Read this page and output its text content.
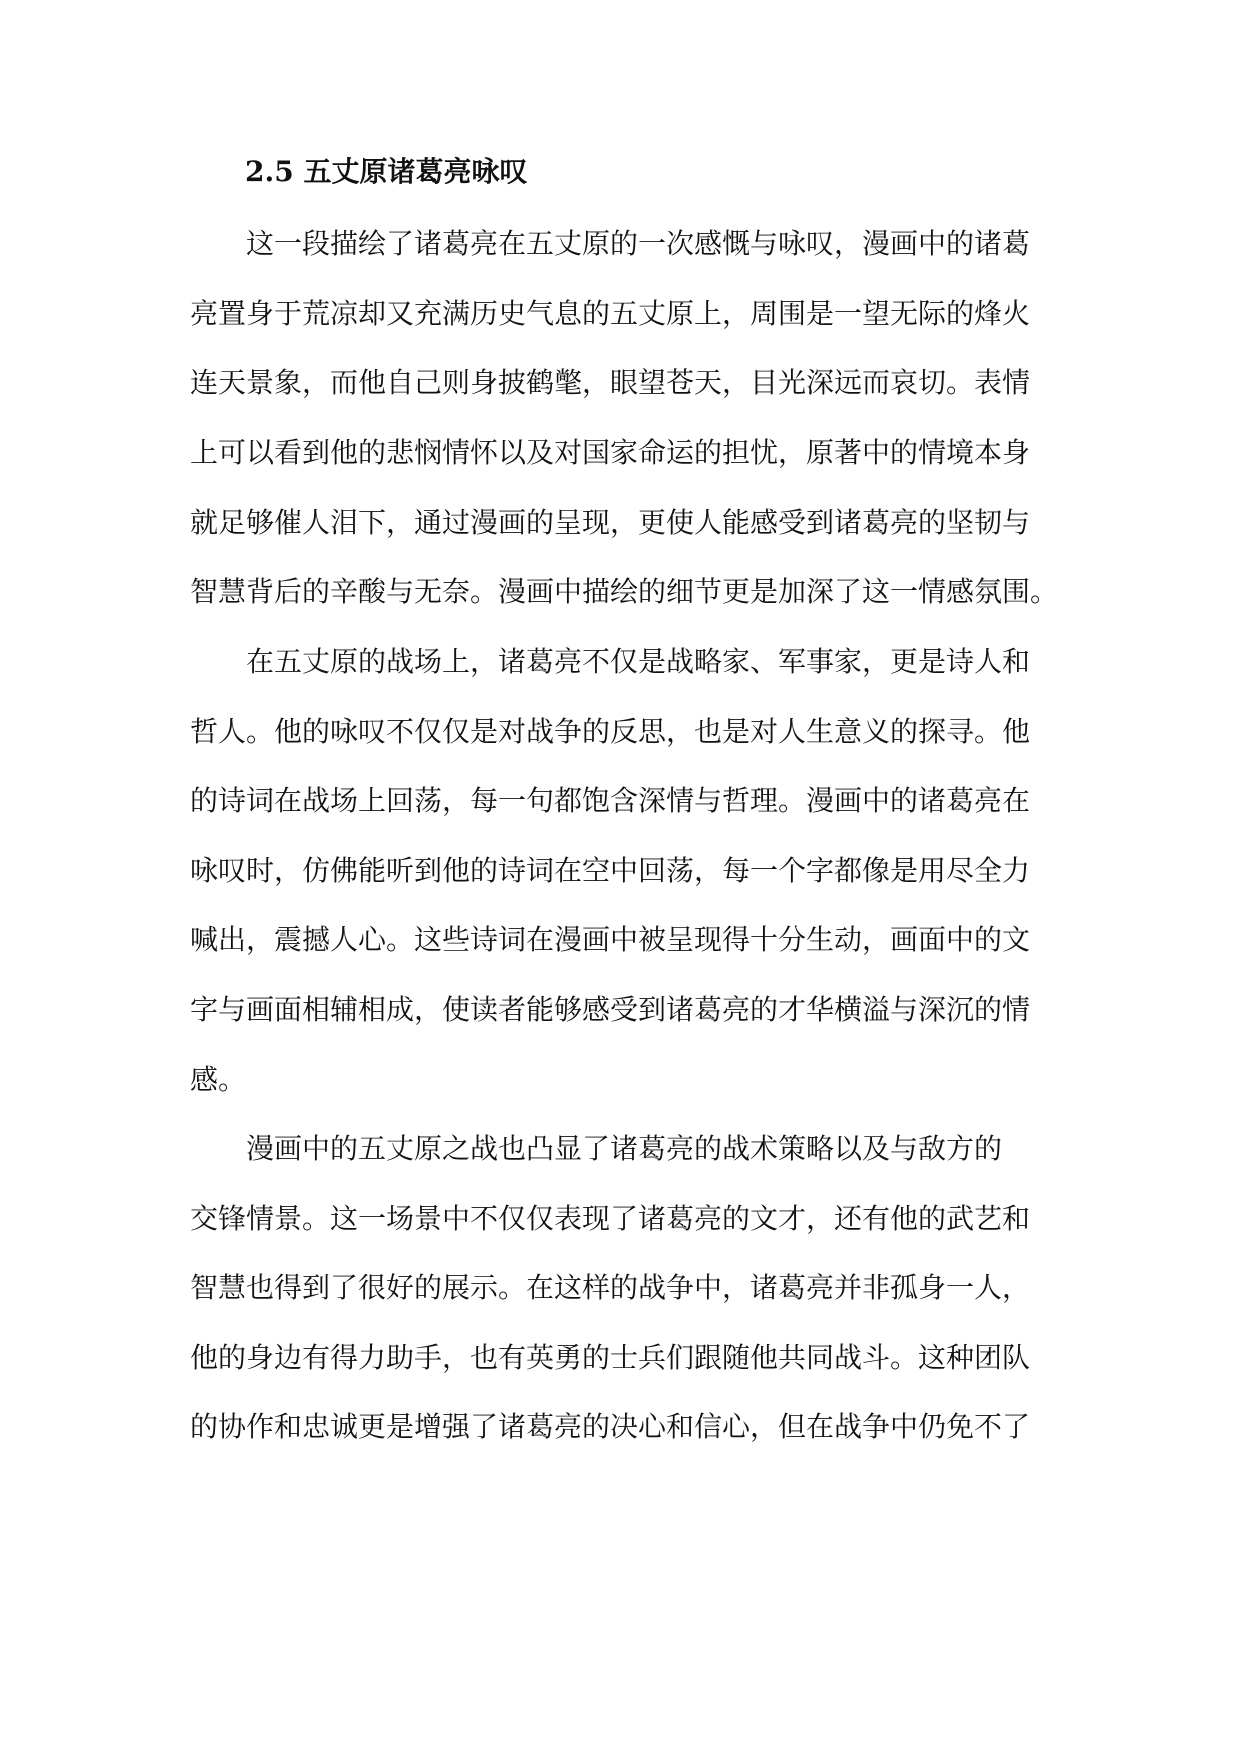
2.5 五丈原诸葛亮咏叹
这一段描绘了诸葛亮在五丈原的一次感慨与咏叹，漫画中的诸葛
亮置身于荒凉却又充满历史气息的五丈原上，周围是一望无际的烽火
连天景象，而他自己则身披鹤氅，眼望苍天，目光深远而哀切。表情
上可以看到他的悲悯情怀以及对国家命运的担忧，原著中的情境本身
就足够催人泪下，通过漫画的呈现，更使人能感受到诸葛亮的坚韧与
智慧背后的辛酸与无奈。漫画中描绘的细节更是加深了这一情感氛围。
在五丈原的战场上，诸葛亮不仅是战略家、军事家，更是诗人和
哲人。他的咏叹不仅仅是对战争的反思，也是对人生意义的探寻。他
的诗词在战场上回荡，每一句都饱含深情与哲理。漫画中的诸葛亮在
咏叹时，仿佛能听到他的诗词在空中回荡，每一个字都像是用尽全力
喊出，震撼人心。这些诗词在漫画中被呈现得十分生动，画面中的文
字与画面相辅相成，使读者能够感受到诸葛亮的才华横溢与深沉的情
感。
漫画中的五丈原之战也凸显了诸葛亮的战术策略以及与敌方的
交锋情景。这一场景中不仅仅表现了诸葛亮的文才，还有他的武艺和
智慧也得到了很好的展示。在这样的战争中，诸葛亮并非孤身一人，
他的身边有得力助手，也有英勇的士兵们跟随他共同战斗。这种团队
的协作和忠诚更是增强了诸葛亮的决心和信心，但在战争中仍免不了
